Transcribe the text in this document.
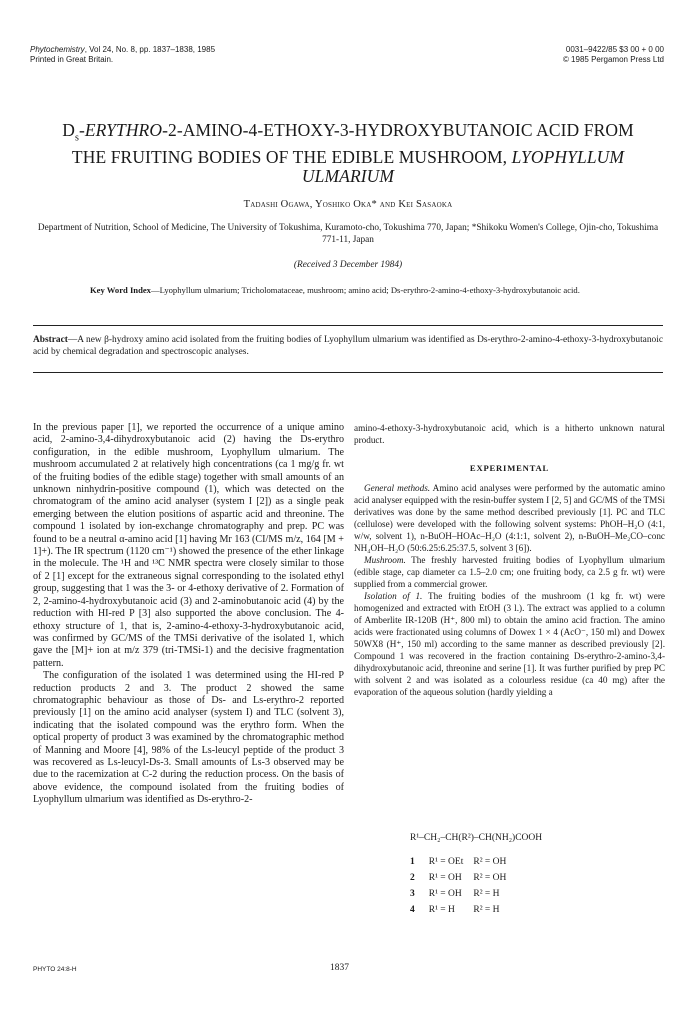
Phytochemistry, Vol 24, No. 8, pp. 1837–1838, 1985
Printed in Great Britain.
0031–9422/85 $3 00 + 0 00
© 1985 Pergamon Press Ltd
$D_s-ERYTHRO-2-AMINO-4-ETHOXY-3$-HYDROXYBUTANOIC ACID FROM
THE FRUITING BODIES OF THE EDIBLE MUSHROOM, LYOPHYLLUM
ULMARIUM
Tadashi Ogawa, Yoshiko Oka* and Kei Sasaoka
Department of Nutrition, School of Medicine, The University of Tokushima, Kuramoto-cho, Tokushima 770, Japan; *Shikoku Women's College, Ojin-cho, Tokushima 771-11, Japan
(Received 3 December 1984)
Key Word Index—Lyophyllum ulmarium; Tricholomataceae, mushroom; amino acid; Ds-erythro-2-amino-4-ethoxy-3-hydroxybutanoic acid.
Abstract—A new β-hydroxy amino acid isolated from the fruiting bodies of Lyophyllum ulmarium was identified as Ds-erythro-2-amino-4-ethoxy-3-hydroxybutanoic acid by chemical degradation and spectroscopic analyses.

In the previous paper [1], we reported the occurrence of a unique amino acid, 2-amino-3,4-dihydroxybutanoic acid (2) having the Ds-erythro configuration, in the edible mushroom, Lyophyllum ulmarium. The mushroom accumulated 2 at relatively high concentrations (ca 1 mg/g fr. wt of the fruiting bodies of the edible stage) together with small amounts of an unknown ninhydrin-positive compound (1), which was detected on the chromatogram of the amino acid analyser (system I [2]) as a single peak emerging between the elution positions of aspartic acid and threonine. The compound 1 isolated by ion-exchange chromatography and prep. PC was found to be a neutral α-amino acid [1] having Mr 163 (CI/MS m/z, 164 [M + 1]+). The IR spectrum (1120 cm⁻¹) showed the presence of the ether linkage in the molecule. The ¹H and ¹³C NMR spectra were closely similar to those of 2 [1] except for the extraneous signal corresponding to the isolated ethyl group, suggesting that 1 was the 3- or 4-ethoxy derivative of 2. Formation of 2, 2-amino-4-hydroxybutanoic acid (3) and 2-aminobutanoic acid (4) by the reduction with HI-red P [3] also supported the above conclusion. The 4-ethoxy structure of 1, that is, 2-amino-4-ethoxy-3-hydroxybutanoic acid, was confirmed by GC/MS of the TMSi derivative of the isolated 1, which gave the [M]+ ion at m/z 379 (tri-TMSi-1) and the decisive fragmentation pattern.

The configuration of the isolated 1 was determined using the HI-red P reduction products 2 and 3. The product 2 showed the same chromatographic behaviour as those of Ds- and Ls-erythro-2 reported previously [1] on the amino acid analyser (system I) and TLC (solvent 3), indicating that the isolated compound was the erythro form. When the optical property of product 3 was examined by the chromatographic method of Manning and Moore [4], 98% of the Ls-leucyl peptide of the product 3 was recovered as Ls-leucyl-Ds-3. Small amounts of Ls-3 observed may be due to the racemization at C-2 during the reduction process. On the basis of above evidence, the compound isolated from the fruiting bodies of Lyophyllum ulmarium was identified as Ds-erythro-2-

amino-4-ethoxy-3-hydroxybutanoic acid, which is a hitherto unknown natural product.

EXPERIMENTAL

General methods. Amino acid analyses were performed by the automatic amino acid analyser equipped with the resin-buffer system I [2, 5] and GC/MS of the TMSi derivatives was done by the same method described previously [1]. PC and TLC (cellulose) were developed with the following solvent systems: PhOH–H₂O (4:1, w/w, solvent 1), n-BuOH–HOAc–H₂O (4:1:1, solvent 2), n-BuOH–Me₂CO–conc NH₄OH–H₂O (50:6.25:6.25:37.5, solvent 3 [6]).

Mushroom. The freshly harvested fruiting bodies of Lyophyllum ulmarium (edible stage, cap diameter ca 1.5–2.0 cm; one fruiting body, ca 2.5 g fr. wt) were supplied from a commercial grower.

Isolation of 1. The fruiting bodies of the mushroom (1 kg fr. wt) were homogenized and extracted with EtOH (3 l.). The extract was applied to a column of Amberlite IR-120B (H⁺, 800 ml) to obtain the amino acid fraction. The amino acids were fractionated using columns of Dowex 1 × 4 (AcO⁻, 150 ml) and Dowex 50WX8 (H⁺, 150 ml) according to the same manner as described previously [2]. Compound 1 was recovered in the fraction containing Ds-erythro-2-amino-3,4-dihydroxybutanoic acid, threonine and serine [1]. It was further purified by prep PC with solvent 2 and was isolated as a colourless residue (ca 40 mg) after the evaporation of the aqueous solution (hardly yielding a

R¹–CH₂–CH(R²)–CH(NH₂)COOH
1	R¹ = OEt	R² = OH
2	R¹ = OH	R² = OH
3	R¹ = OH	R² = H
4	R¹ = H	R² = H
PHYTO 24:8-H	1837
